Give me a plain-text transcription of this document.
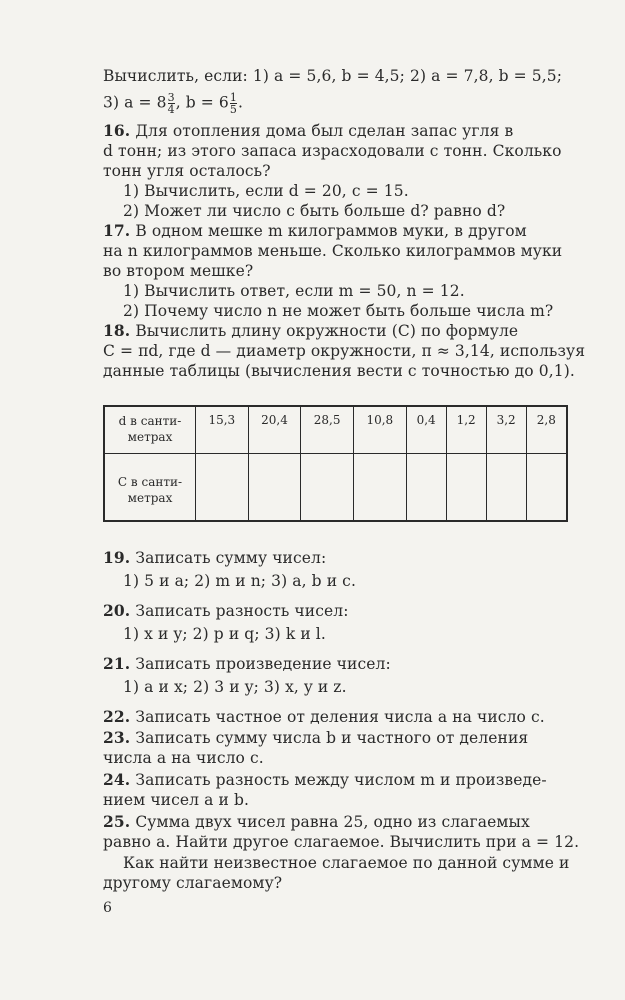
Вычислить, если: 1) a = 5,6, b = 4,5; 2) a = 7,8, b = 5,5;
3) $a = 8 \frac{3}{4}$ , $b = 6 \frac{1}{5}$ .
16. Для отопления дома был сделан запас угля в
d тонн; из этого запаса израсходовали c тонн. Сколько
тонн угля осталось?
1) Вычислить, если d = 20, c = 15.
2) Может ли число c быть больше d? равно d?
17. В одном мешке m килограммов муки, в другом
на n килограммов меньше. Сколько килограммов муки
во втором мешке?
1) Вычислить ответ, если m = 50, n = 12.
2) Почему число n не может быть больше числа m?
18. Вычислить длину окружности (C) по формуле
C = πd, где d — диаметр окружности, π ≈ 3,14, используя
данные таблицы (вычисления вести с точностью до 0,1).
d в санти-
метрах	15,3	20,4	28,5	10,8	0,4	1,2	3,2	2,8
C в санти-
метрах								
19. Записать сумму чисел:
1) 5 и a; 2) m и n; 3) a, b и c.
20. Записать разность чисел:
1) x и y; 2) p и q; 3) k и l.
21. Записать произведение чисел:
1) a и x; 2) 3 и y; 3) x, y и z.
22. Записать частное от деления числа a на число c.
23. Записать сумму числа b и частного от деления
числа a на число c.
24. Записать разность между числом m и произведе-
нием чисел a и b.
25. Сумма двух чисел равна 25, одно из слагаемых
равно a. Найти другое слагаемое. Вычислить при a = 12.
Как найти неизвестное слагаемое по данной сумме и
другому слагаемому?
6
